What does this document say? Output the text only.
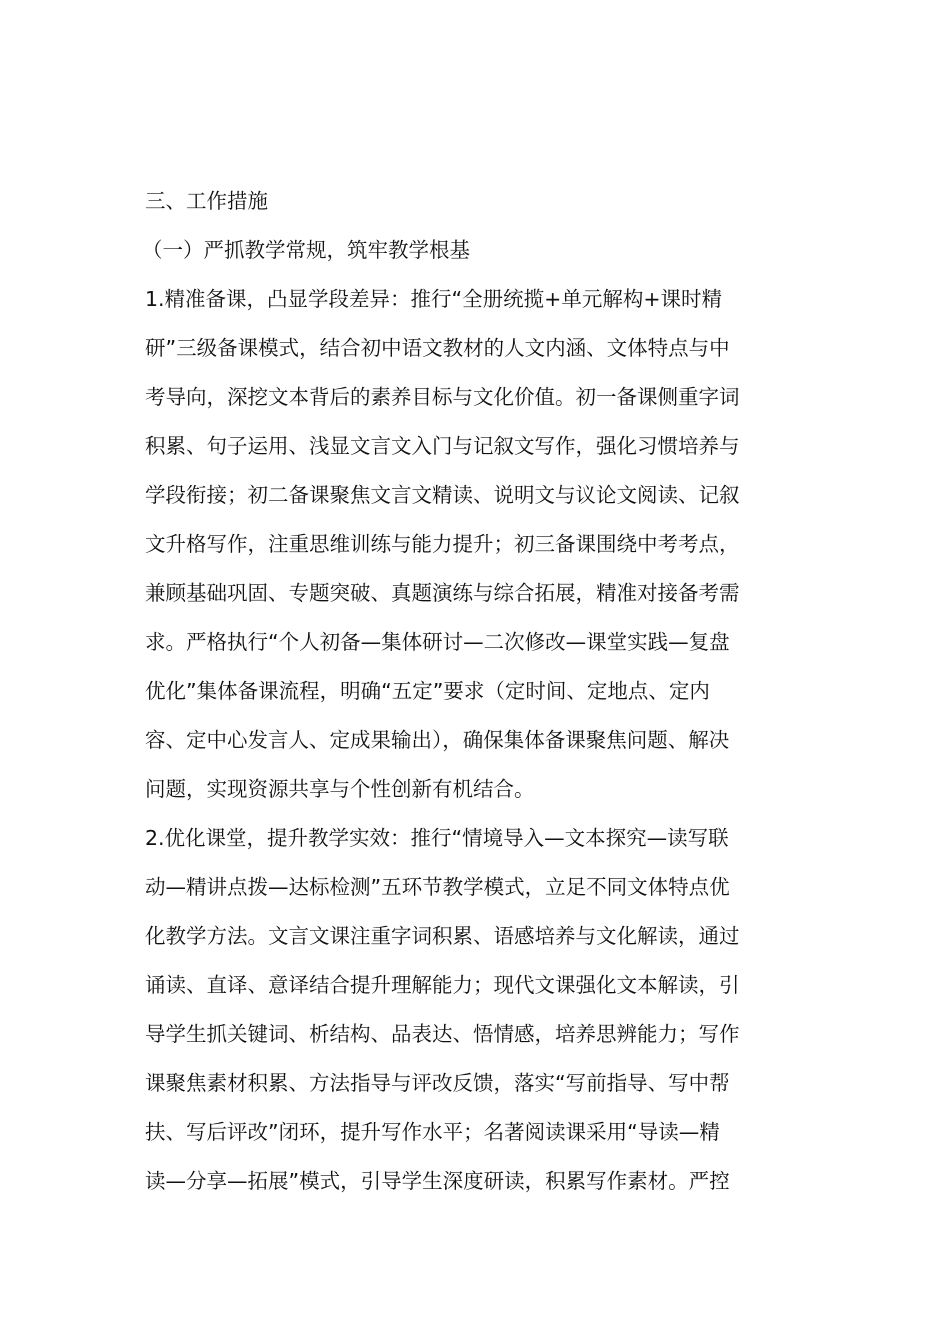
三、工作措施
（一）严抓教学常规，筑牢教学根基
1.精准备课，凸显学段差异：推行“全册统揽+单元解构+课时精
研”三级备课模式，结合初中语文教材的人文内涵、文体特点与中
考导向，深挖文本背后的素养目标与文化价值。初一备课侧重字词
积累、句子运用、浅显文言文入门与记叙文写作，强化习惯培养与
学段衔接；初二备课聚焦文言文精读、说明文与议论文阅读、记叙
文升格写作，注重思维训练与能力提升；初三备课围绕中考考点，
兼顾基础巩固、专题突破、真题演练与综合拓展，精准对接备考需
求。严格执行“个人初备—集体研讨—二次修改—课堂实践—复盘
优化”集体备课流程，明确“五定”要求（定时间、定地点、定内
容、定中心发言人、定成果输出），确保集体备课聚焦问题、解决
问题，实现资源共享与个性创新有机结合。
2.优化课堂，提升教学实效：推行“情境导入—文本探究—读写联
动—精讲点拨—达标检测”五环节教学模式，立足不同文体特点优
化教学方法。文言文课注重字词积累、语感培养与文化解读，通过
诵读、直译、意译结合提升理解能力；现代文课强化文本解读，引
导学生抓关键词、析结构、品表达、悟情感，培养思辨能力；写作
课聚焦素材积累、方法指导与评改反馈，落实“写前指导、写中帮
扶、写后评改”闭环，提升写作水平；名著阅读课采用“导读—精
读—分享—拓展”模式，引导学生深度研读，积累写作素材。严控
